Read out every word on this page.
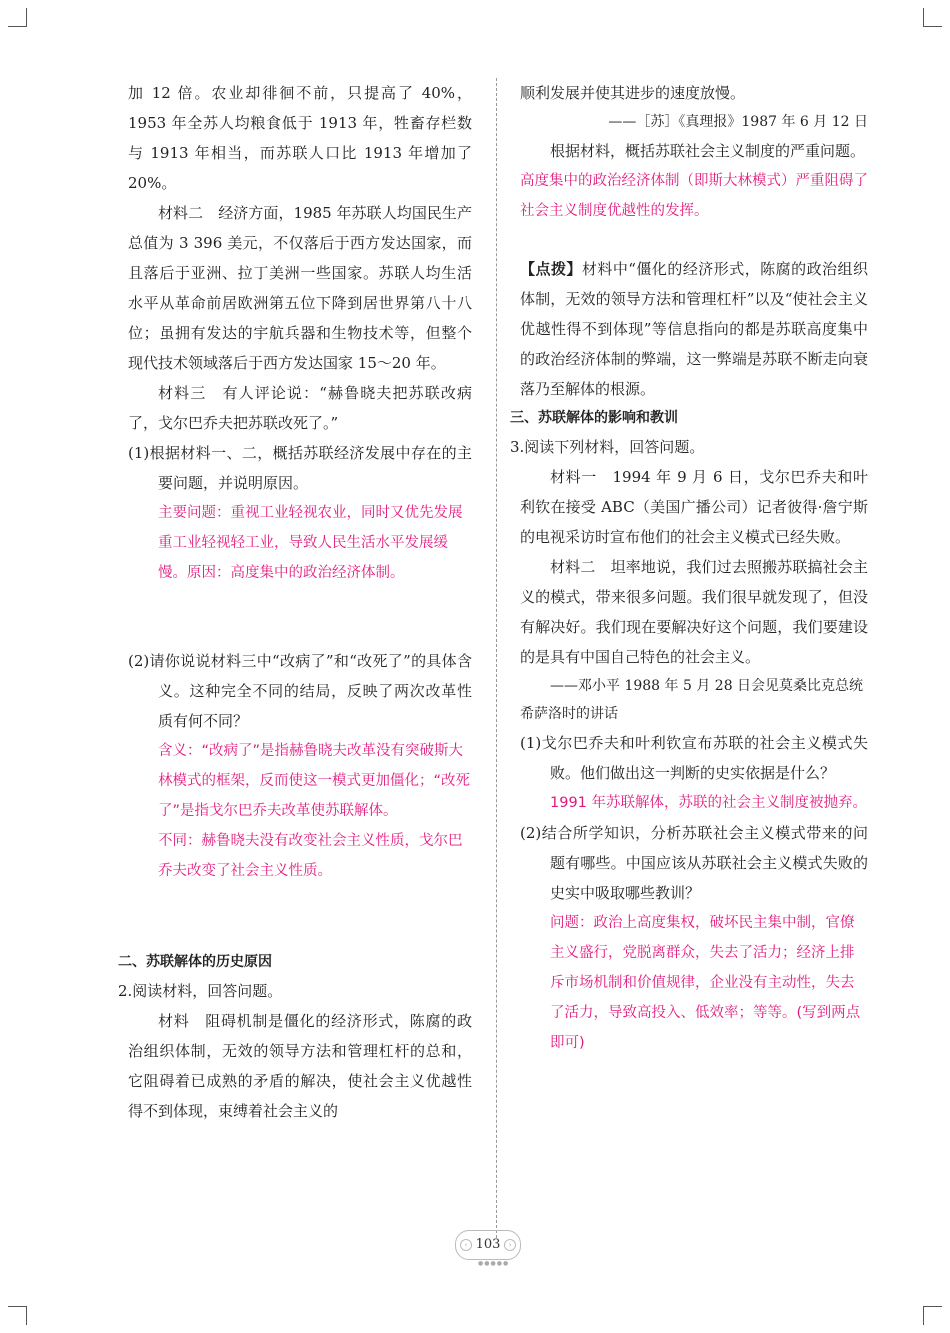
加 12 倍。农业却徘徊不前，只提高了 40%，1953 年全苏人均粮食低于 1913 年，牲畜存栏数与 1913 年相当，而苏联人口比 1913 年增加了 20%。

材料二　经济方面，1985 年苏联人均国民生产总值为 3 396 美元，不仅落后于西方发达国家，而且落后于亚洲、拉丁美洲一些国家。苏联人均生活水平从革命前居欧洲第五位下降到居世界第八十八位；虽拥有发达的宇航兵器和生物技术等，但整个现代技术领域落后于西方发达国家 15～20 年。

材料三　有人评论说：“赫鲁晓夫把苏联改病了，戈尔巴乔夫把苏联改死了。”

(1)根据材料一、二，概括苏联经济发展中存在的主要问题，并说明原因。

主要问题：重视工业轻视农业，同时又优先发展重工业轻视轻工业，导致人民生活水平发展缓慢。原因：高度集中的政治经济体制。

(2)请你说说材料三中“改病了”和“改死了”的具体含义。这种完全不同的结局，反映了两次改革性质有何不同？

含义：“改病了”是指赫鲁晓夫改革没有突破斯大林模式的框架，反而使这一模式更加僵化；“改死了”是指戈尔巴乔夫改革使苏联解体。

不同：赫鲁晓夫没有改变社会主义性质，戈尔巴乔夫改变了社会主义性质。

二、苏联解体的历史原因

2.阅读材料，回答问题。

材料　阻碍机制是僵化的经济形式，陈腐的政治组织体制，无效的领导方法和管理杠杆的总和，它阻碍着已成熟的矛盾的解决，使社会主义优越性得不到体现，束缚着社会主义的

顺利发展并使其进步的速度放慢。

——［苏］《真理报》1987 年 6 月 12 日

根据材料，概括苏联社会主义制度的严重问题。

高度集中的政治经济体制（即斯大林模式）严重阻碍了社会主义制度优越性的发挥。

【点拨】材料中“僵化的经济形式，陈腐的政治组织体制，无效的领导方法和管理杠杆”以及“使社会主义优越性得不到体现”等信息指向的都是苏联高度集中的政治经济体制的弊端，这一弊端是苏联不断走向衰落乃至解体的根源。

三、苏联解体的影响和教训

3.阅读下列材料，回答问题。

材料一　1994 年 9 月 6 日，戈尔巴乔夫和叶利钦在接受 ABC（美国广播公司）记者彼得·詹宁斯的电视采访时宣布他们的社会主义模式已经失败。

材料二　坦率地说，我们过去照搬苏联搞社会主义的模式，带来很多问题。我们很早就发现了，但没有解决好。我们现在要解决好这个问题，我们要建设的是具有中国自己特色的社会主义。

——邓小平 1988 年 5 月 28 日会见莫桑比克总统希萨洛时的讲话

(1)戈尔巴乔夫和叶利钦宣布苏联的社会主义模式失败。他们做出这一判断的史实依据是什么？

1991 年苏联解体，苏联的社会主义制度被抛弃。

(2)结合所学知识，分析苏联社会主义模式带来的问题有哪些。中国应该从苏联社会主义模式失败的史实中吸取哪些教训？

问题：政治上高度集权，破坏民主集中制，官僚主义盛行，党脱离群众，失去了活力；经济上排斥市场机制和价值规律，企业没有主动性，失去了活力，导致高投入、低效率；等等。(写到两点即可)

‹ 103	›
●●●●●
